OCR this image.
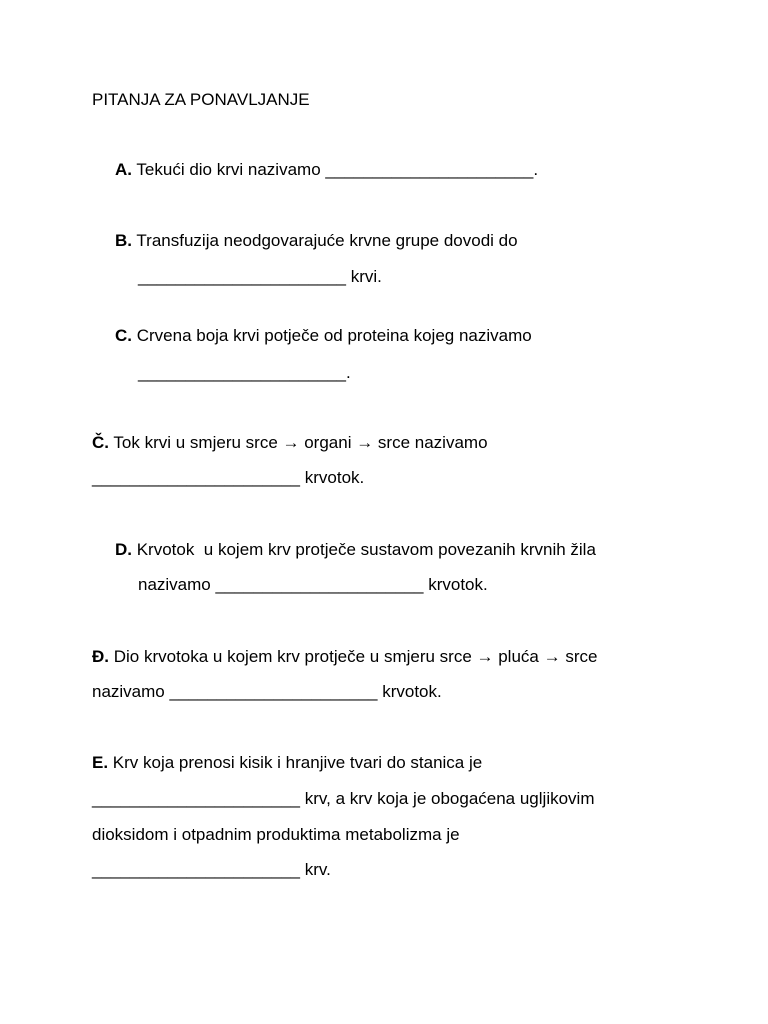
PITANJA ZA PONAVLJANJE

A. Tekući dio krvi nazivamo ______________________.

B. Transfuzija neodgovarajuće krvne grupe dovodi do

______________________ krvi.

C. Crvena boja krvi potječe od proteina kojeg nazivamo

______________________.

Č. Tok krvi u smjeru srce → organi → srce nazivamo

______________________ krvotok.

D. Krvotok  u kojem krv protječe sustavom povezanih krvnih žila

nazivamo ______________________ krvotok.

Đ. Dio krvotoka u kojem krv protječe u smjeru srce → pluća → srce

nazivamo ______________________ krvotok.

E. Krv koja prenosi kisik i hranjive tvari do stanica je

______________________ krv, a krv koja je obogaćena ugljikovim

dioksidom i otpadnim produktima metabolizma je

______________________ krv.
